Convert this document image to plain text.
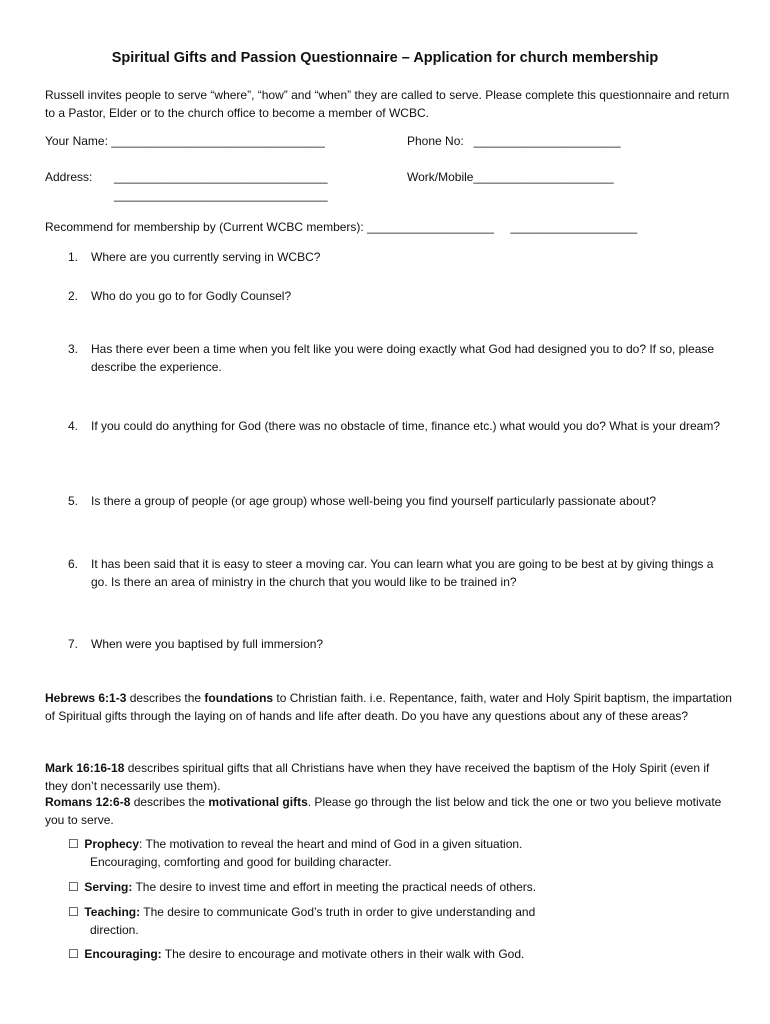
Spiritual Gifts and Passion Questionnaire – Application for church membership
Russell invites people to serve “where”, “how” and “when” they are called to serve. Please complete this questionnaire and return to a Pastor, Elder or to the church office to become a member of WCBC.
Your Name: ________________________________	Phone No:   ______________________
Address: ________________________________	Work/Mobile_____________________
________________________________
Recommend for membership by (Current WCBC members): ___________________     ___________________
1.	Where are you currently serving in WCBC?
2.	Who do you go to for Godly Counsel?
3.	Has there ever been a time when you felt like you were doing exactly what God had designed you to do? If so, please describe the experience.
4.	If you could do anything for God (there was no obstacle of time, finance etc.) what would you do? What is your dream?
5.	Is there a group of people (or age group) whose well-being you find yourself particularly passionate about?
6.	It has been said that it is easy to steer a moving car. You can learn what you are going to be best at by giving things a go. Is there an area of ministry in the church that you would like to be trained in?
7.	When were you baptised by full immersion?
Hebrews 6:1-3 describes the foundations to Christian faith. i.e. Repentance, faith, water and Holy Spirit baptism, the impartation of Spiritual gifts through the laying on of hands and life after death. Do you have any questions about any of these areas?
Mark 16:16-18 describes spiritual gifts that all Christians have when they have received the baptism of the Holy Spirit (even if they don’t necessarily use them).
Romans 12:6-8 describes the motivational gifts. Please go through the list below and tick the one or two you believe motivate you to serve.
☐ Prophecy: The motivation to reveal the heart and mind of God in a given situation.
Encouraging, comforting and good for building character.
☐ Serving: The desire to invest time and effort in meeting the practical needs of others.
☐ Teaching: The desire to communicate God’s truth in order to give understanding and
direction.
☐ Encouraging: The desire to encourage and motivate others in their walk with God.
